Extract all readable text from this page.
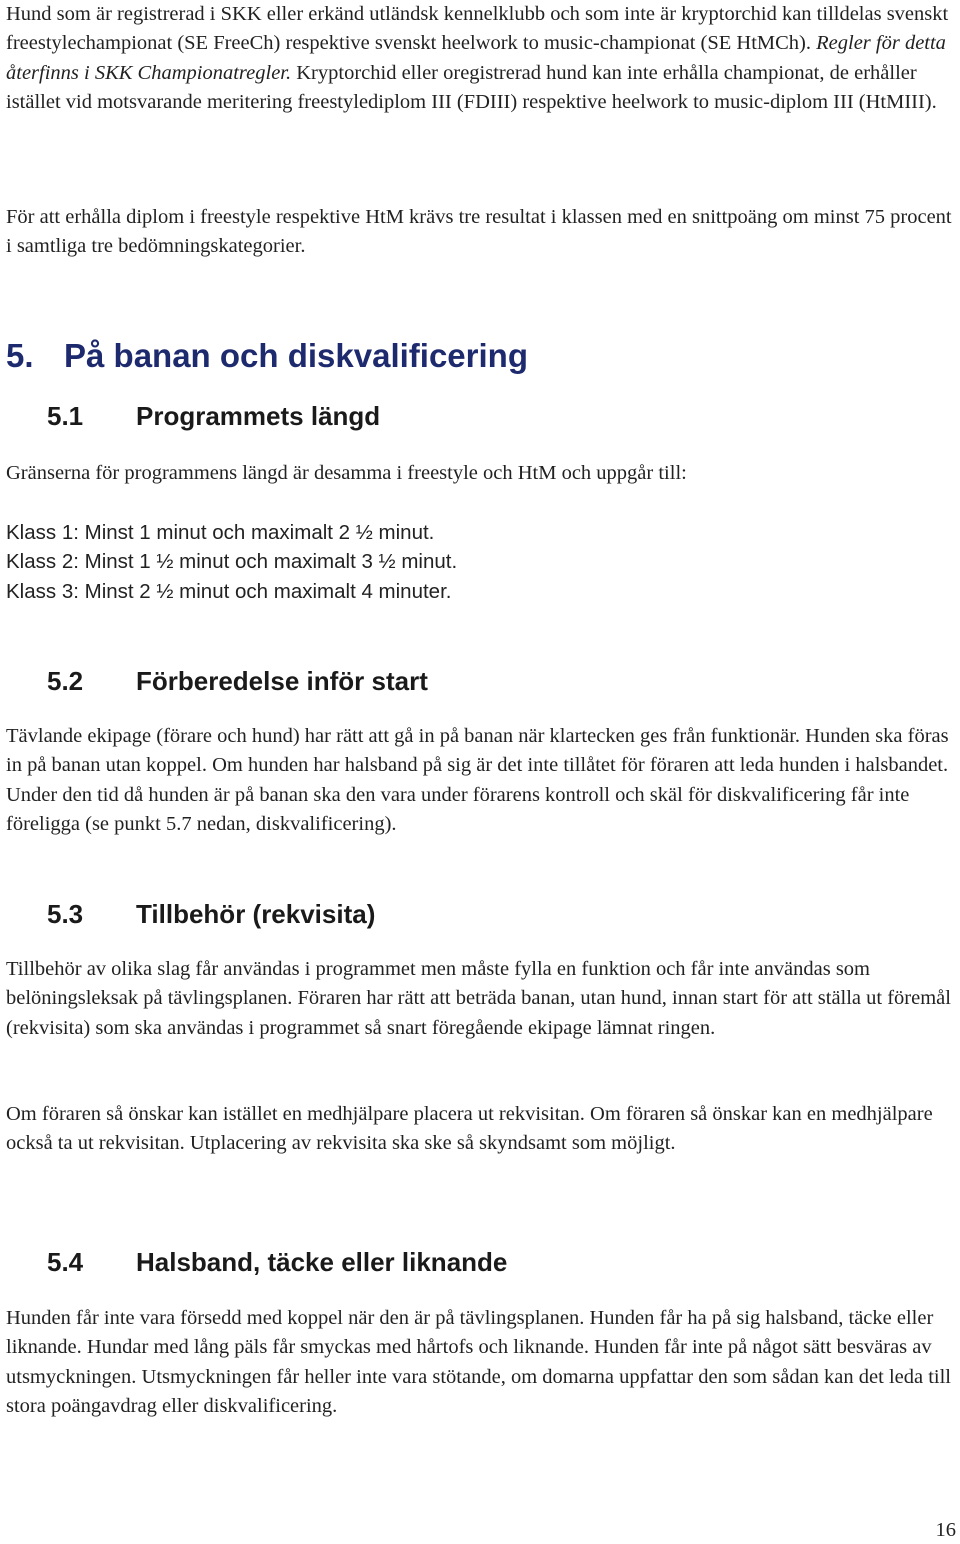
Hund som är registrerad i SKK eller erkänd utländsk kennelklubb och som inte är kryptorchid kan tilldelas svenskt freestylechampionat (SE FreeCh) respektive svenskt heelwork to music-championat (SE HtMCh). Regler för detta återfinns i SKK Championatregler. Kryptorchid eller oregistrerad hund kan inte erhålla championat, de erhåller istället vid motsvarande meritering freestylediplom III (FDIII) respektive heelwork to music-diplom III (HtMIII).

För att erhålla diplom i freestyle respektive HtM krävs tre resultat i klassen med en snittpoäng om minst 75 procent i samtliga tre bedömningskategorier.

5. På banan och diskvalificering
5.1 Programmets längd

Gränserna för programmens längd är desamma i freestyle och HtM och uppgår till:

Klass 1: Minst 1 minut och maximalt 2 ½ minut.
Klass 2: Minst 1 ½ minut och maximalt 3 ½ minut.
Klass 3: Minst 2 ½ minut och maximalt 4 minuter.
5.2 Förberedelse inför start

Tävlande ekipage (förare och hund) har rätt att gå in på banan när klartecken ges från funktionär. Hunden ska föras in på banan utan koppel. Om hunden har halsband på sig är det inte tillåtet för föraren att leda hunden i halsbandet. Under den tid då hunden är på banan ska den vara under förarens kontroll och skäl för diskvalificering får inte föreligga (se punkt 5.7 nedan, diskvalificering).

5.3 Tillbehör (rekvisita)

Tillbehör av olika slag får användas i programmet men måste fylla en funktion och får inte användas som belöningsleksak på tävlingsplanen. Föraren har rätt att beträda banan, utan hund, innan start för att ställa ut föremål (rekvisita) som ska användas i programmet så snart föregående ekipage lämnat ringen.

Om föraren så önskar kan istället en medhjälpare placera ut rekvisitan. Om föraren så önskar kan en medhjälpare också ta ut rekvisitan. Utplacering av rekvisita ska ske så skyndsamt som möjligt.

5.4 Halsband, täcke eller liknande

Hunden får inte vara försedd med koppel när den är på tävlingsplanen. Hunden får ha på sig halsband, täcke eller liknande. Hundar med lång päls får smyckas med hårtofs och liknande. Hunden får inte på något sätt besväras av utsmyckningen. Utsmyckningen får heller inte vara stötande, om domarna uppfattar den som sådan kan det leda till stora poängavdrag eller diskvalificering.

16
